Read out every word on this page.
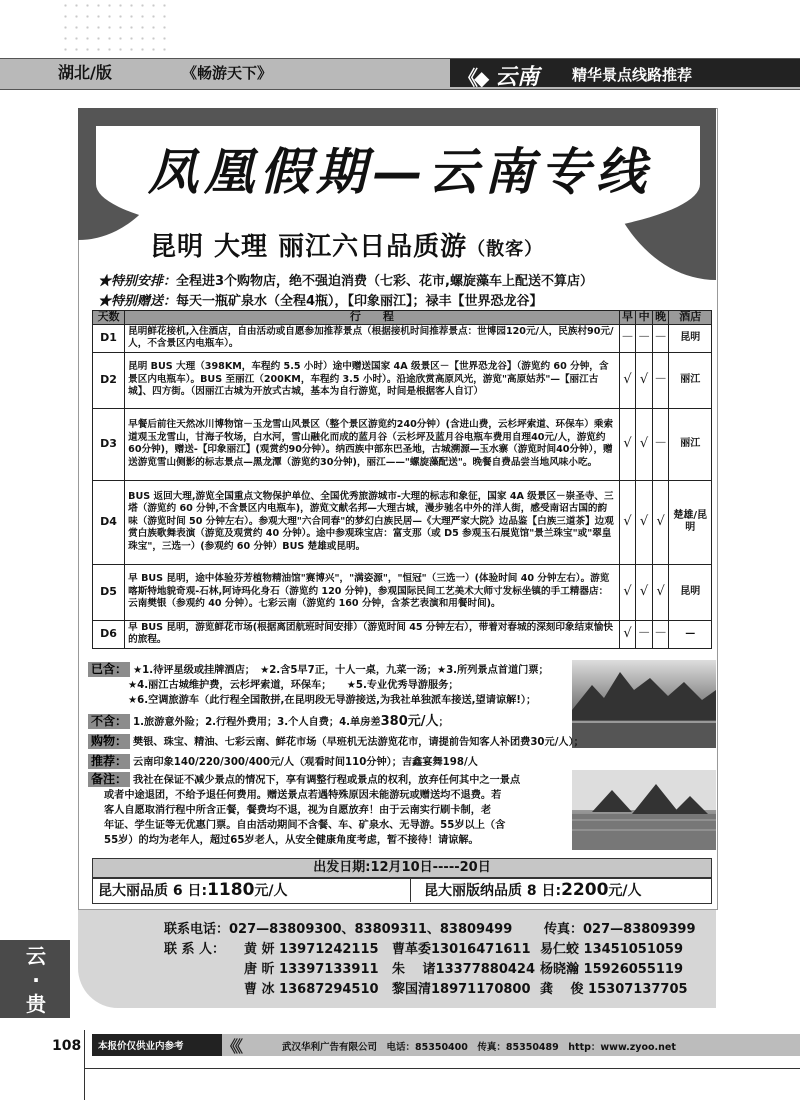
湖北/版	《畅游天下》	《◆ 云南 精华景点线路推荐
凤凰假期—云南专线
昆明 大理 丽江六日品质游（散客）
★特别安排：全程进3个购物店，绝不强迫消费（七彩、花市,螺旋藻车上配送不算店）
★特别赠送：每天一瓶矿泉水（全程4瓶），【印象丽江】；禄丰【世界恐龙谷】
天数	行　　程	早	中	晚	酒店
D1	昆明鲜花接机,入住酒店，自由活动或自愿参加推荐景点（根据接机时间推荐景点：世博园120元/人，民族村90元/人，不含景区内电瓶车）。	－	－	－	昆明
D2	昆明 BUS 大理（398KM，车程约 5.5 小时）途中赠送国家 4A 级景区－【世界恐龙谷】（游览约 60 分钟，含景区内电瓶车）。BUS 至丽江（200KM，车程约 3.5 小时）。沿途欣赏高原风光，游览"高原姑苏"—【丽江古城】、四方街。（因丽江古城为开放式古城，基本为自行游览，时间是根据客人自订）	√	√	－	丽江
D3	早餐后前往天然冰川博物馆－玉龙雪山风景区（整个景区游览约240分钟）(含进山费，云杉坪索道、环保车）乘索道观玉龙雪山，甘海子牧场，白水河，雪山融化而成的蓝月谷（云杉坪及蓝月谷电瓶车费用自理40元/人，游览约60分钟)，赠送-【印象丽江】(观赏约90分钟）。纳西族中部东巴圣地，古城溯源—玉水寨（游览时间40分钟），赠送游览雪山侧影的标志景点—黑龙潭（游览约30分钟)，丽江——"螺旋藻配送"。晚餐自费品尝当地风味小吃。	√	√	－	丽江
D4	BUS 返回大理,游览全国重点文物保护单位、全国优秀旅游城市-大理的标志和象征，国家 4A 级景区－崇圣寺、三塔（游览约 60 分钟,不含景区内电瓶车)，游览文献名邦—大理古城，漫步驰名中外的洋人街，感受南诏古国的韵味（游览时间 50 分钟左右）。参观大理"六合同春"的梦幻白族民居—《大理严家大院》边品鉴【白族三道茶】边观赏白族歌舞表演（游览及观赏约 40 分钟）。途中参观珠宝店：富支那（或 D5 参观玉石展览馆"景兰珠宝"或"翠皇珠宝"，三选一）(参观约 60 分钟）BUS 楚雄或昆明。	√	√	√	楚雄/昆明
D5	早 BUS 昆明，途中体验芬芳植物精油馆"赛博兴"，"满姿源"，"恒冠"（三选一）(体验时间 40 分钟左右）。游览喀斯特地貌奇观-石林,阿诗玛化身石（游览约 120 分钟)，参观国际民间工艺美术大师寸发标坐镇的手工精器店：云南樊银（参观约 40 分钟）。七彩云南（游览约 160 分钟，含茶艺表演和用餐时间)。	√	√	√	昆明
D6	早 BUS 昆明，游览鲜花市场(根据离团航班时间安排）（游览时间 45 分钟左右），带着对春城的深刻印象结束愉快的旅程。	√	－	－	—
已含： ★1.待评星级或挂牌酒店；　★2.含5早7正，十人一桌，九菜一汤；★3.所列景点首道门票；
★4.丽江古城维护费，云杉坪索道，环保车；　　★5.专业优秀导游服务；
★6.空调旅游车（此行程全国散拼,在昆明段无导游接送,为我社单独派车接送,望请谅解!）；
不含： 1.旅游意外险；2.行程外费用；3.个人自费；4.单房差380元/人；
购物： 樊银、珠宝、精油、七彩云南、鲜花市场（早班机无法游览花市，请提前告知客人补团费30元/人）；
推荐： 云南印象140/220/300/400元/人（观看时间110分钟）；吉鑫宴舞198/人
备注： 我社在保证不减少景点的情况下，享有调整行程或景点的权利，放弃任何其中之一景点
或者中途退团，不给予退任何费用。赠送景点若遇特殊原因未能游玩或赠送均不退费。若
客人自愿取消行程中所含正餐，餐费均不退，视为自愿放弃！由于云南实行刷卡制，老
年证、学生证等无优惠门票。自由活动期间不含餐、车、矿泉水、无导游。55岁以上（含
55岁）的均为老年人，超过65岁老人，从安全健康角度考虑，暂不接待！请谅解。
出发日期:12月10日-----20日
昆大丽品质 6 日:1180元/人	昆大丽版纳品质 8 日:2200元/人
联系电话：027—83809300、83809311、83809499 传真：027—83809399
联 系 人： 黄 妍 13971242115 曹革委13016471611 易仁蛟 13451051059
唐 昕 13397133911 朱　 诸13377880424 杨晓瀚 15926055119
曹 冰 13687294510 黎国清18971170800 龚　 俊 15307137705
云
·
贵
108 本报价仅供业内参考 《《	武汉华利广告有限公司　电话：85350400　传真：85350489　http：www.zyoo.net
